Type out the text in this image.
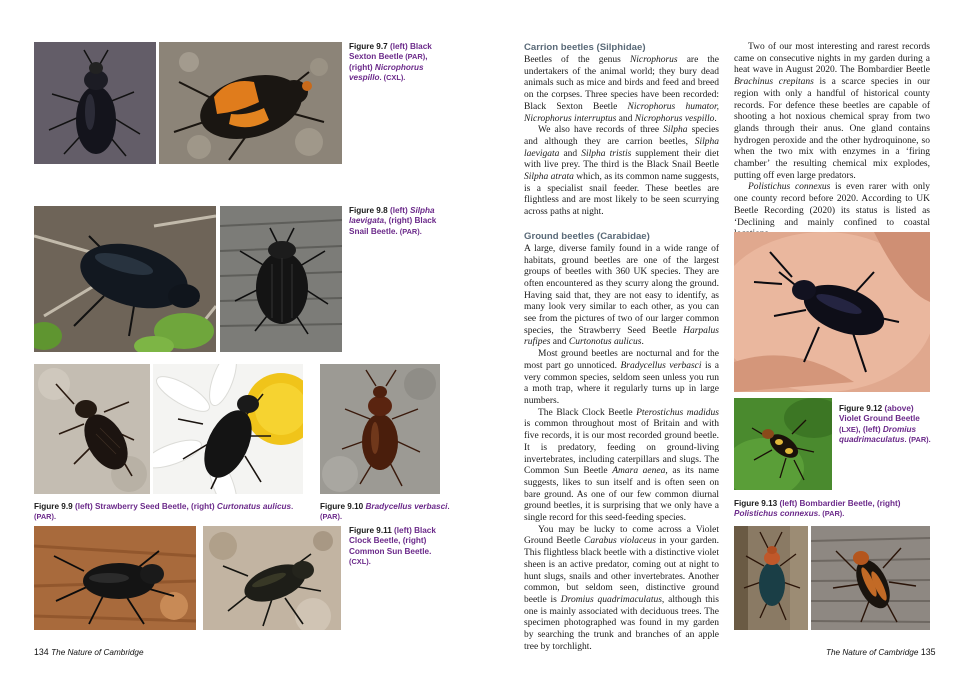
Figure 9.7 (left) Black Sexton Beetle (PAR), (right) Nicrophorus vespillo. (CXL).
Figure 9.8 (left) Silpha laevigata, (right) Black Snail Beetle. (PAR).
Figure 9.9 (left) Strawberry Seed Beetle, (right) Curtonatus aulicus. (PAR).
Figure 9.10 Bradycellus verbasci. (PAR).
Figure 9.11 (left) Black Clock Beetle, (right) Common Sun Beetle. (CXL).
Carrion beetles (Silphidae)

Beetles of the genus Nicrophorus are the undertakers of the animal world; they bury dead animals such as mice and birds and feed and breed on the corpses. Three species have been recorded: Black Sexton Beetle Nicrophorus humator, Nicrophorus interruptus and Nicrophorus vespillo.

We also have records of three Silpha species and although they are carrion beetles, Silpha laevigata and Silpha tristis supplement their diet with live prey. The third is the Black Snail Beetle Silpha atrata which, as its common name suggests, is a specialist snail feeder. These beetles are flightless and are most likely to be seen scurrying across paths at night.

Ground beetles (Carabidae)

A large, diverse family found in a wide range of habitats, ground beetles are one of the largest groups of beetles with 360 UK species. They are often encountered as they scurry along the ground. Having said that, they are not easy to identify, as many look very similar to each other, as you can see from the pictures of two of our larger common species, the Strawberry Seed Beetle Harpalus rufipes and Curtonotus aulicus.

Most ground beetles are nocturnal and for the most part go unnoticed. Bradycellus verbasci is a very common species, seldom seen unless you run a moth trap, where it regularly turns up in large numbers.

The Black Clock Beetle Pterostichus madidus is common throughout most of Britain and with five records, it is our most recorded ground beetle. It is predatory, feeding on ground-living invertebrates, including caterpillars and slugs. The Common Sun Beetle Amara aenea, as its name suggests, likes to sun itself and is often seen on bare ground. As one of our few common diurnal ground beetles, it is surprising that we only have a single record for this seed-feeding species.

You may be lucky to come across a Violet Ground Beetle Carabus violaceus in your garden. This flightless black beetle with a distinctive violet sheen is an active predator, coming out at night to hunt slugs, snails and other invertebrates. Another common, but seldom seen, distinctive ground beetle is Dromius quadrimaculatus, although this one is mainly associated with deciduous trees. The specimen photographed was found in my garden by searching the trunk and branches of an apple tree by torchlight.

Two of our most interesting and rarest records came on consecutive nights in my garden during a heat wave in August 2020. The Bombardier Beetle Brachinus crepitans is a scarce species in our region with only a handful of historical county records. For defence these beetles are capable of shooting a hot noxious chemical spray from two glands through their anus. One gland contains hydrogen peroxide and the other hydroquinone, so when the two mix with enzymes in a ‘firing chamber’ the resulting chemical mix explodes, putting off even large predators.

Polistichus connexus is even rarer with only one county record before 2020. According to UK Beetle Recording (2020) its status is listed as ‘Declining and mainly confined to coastal

Figure 9.12 (above) Violet Ground Beetle (LXE), (left) Dromius quadrimaculatus. (PAR).
Figure 9.13 (left) Bombardier Beetle, (right) Polistichus connexus. (PAR).
134 The Nature of Cambridge	The Nature of Cambridge 135
